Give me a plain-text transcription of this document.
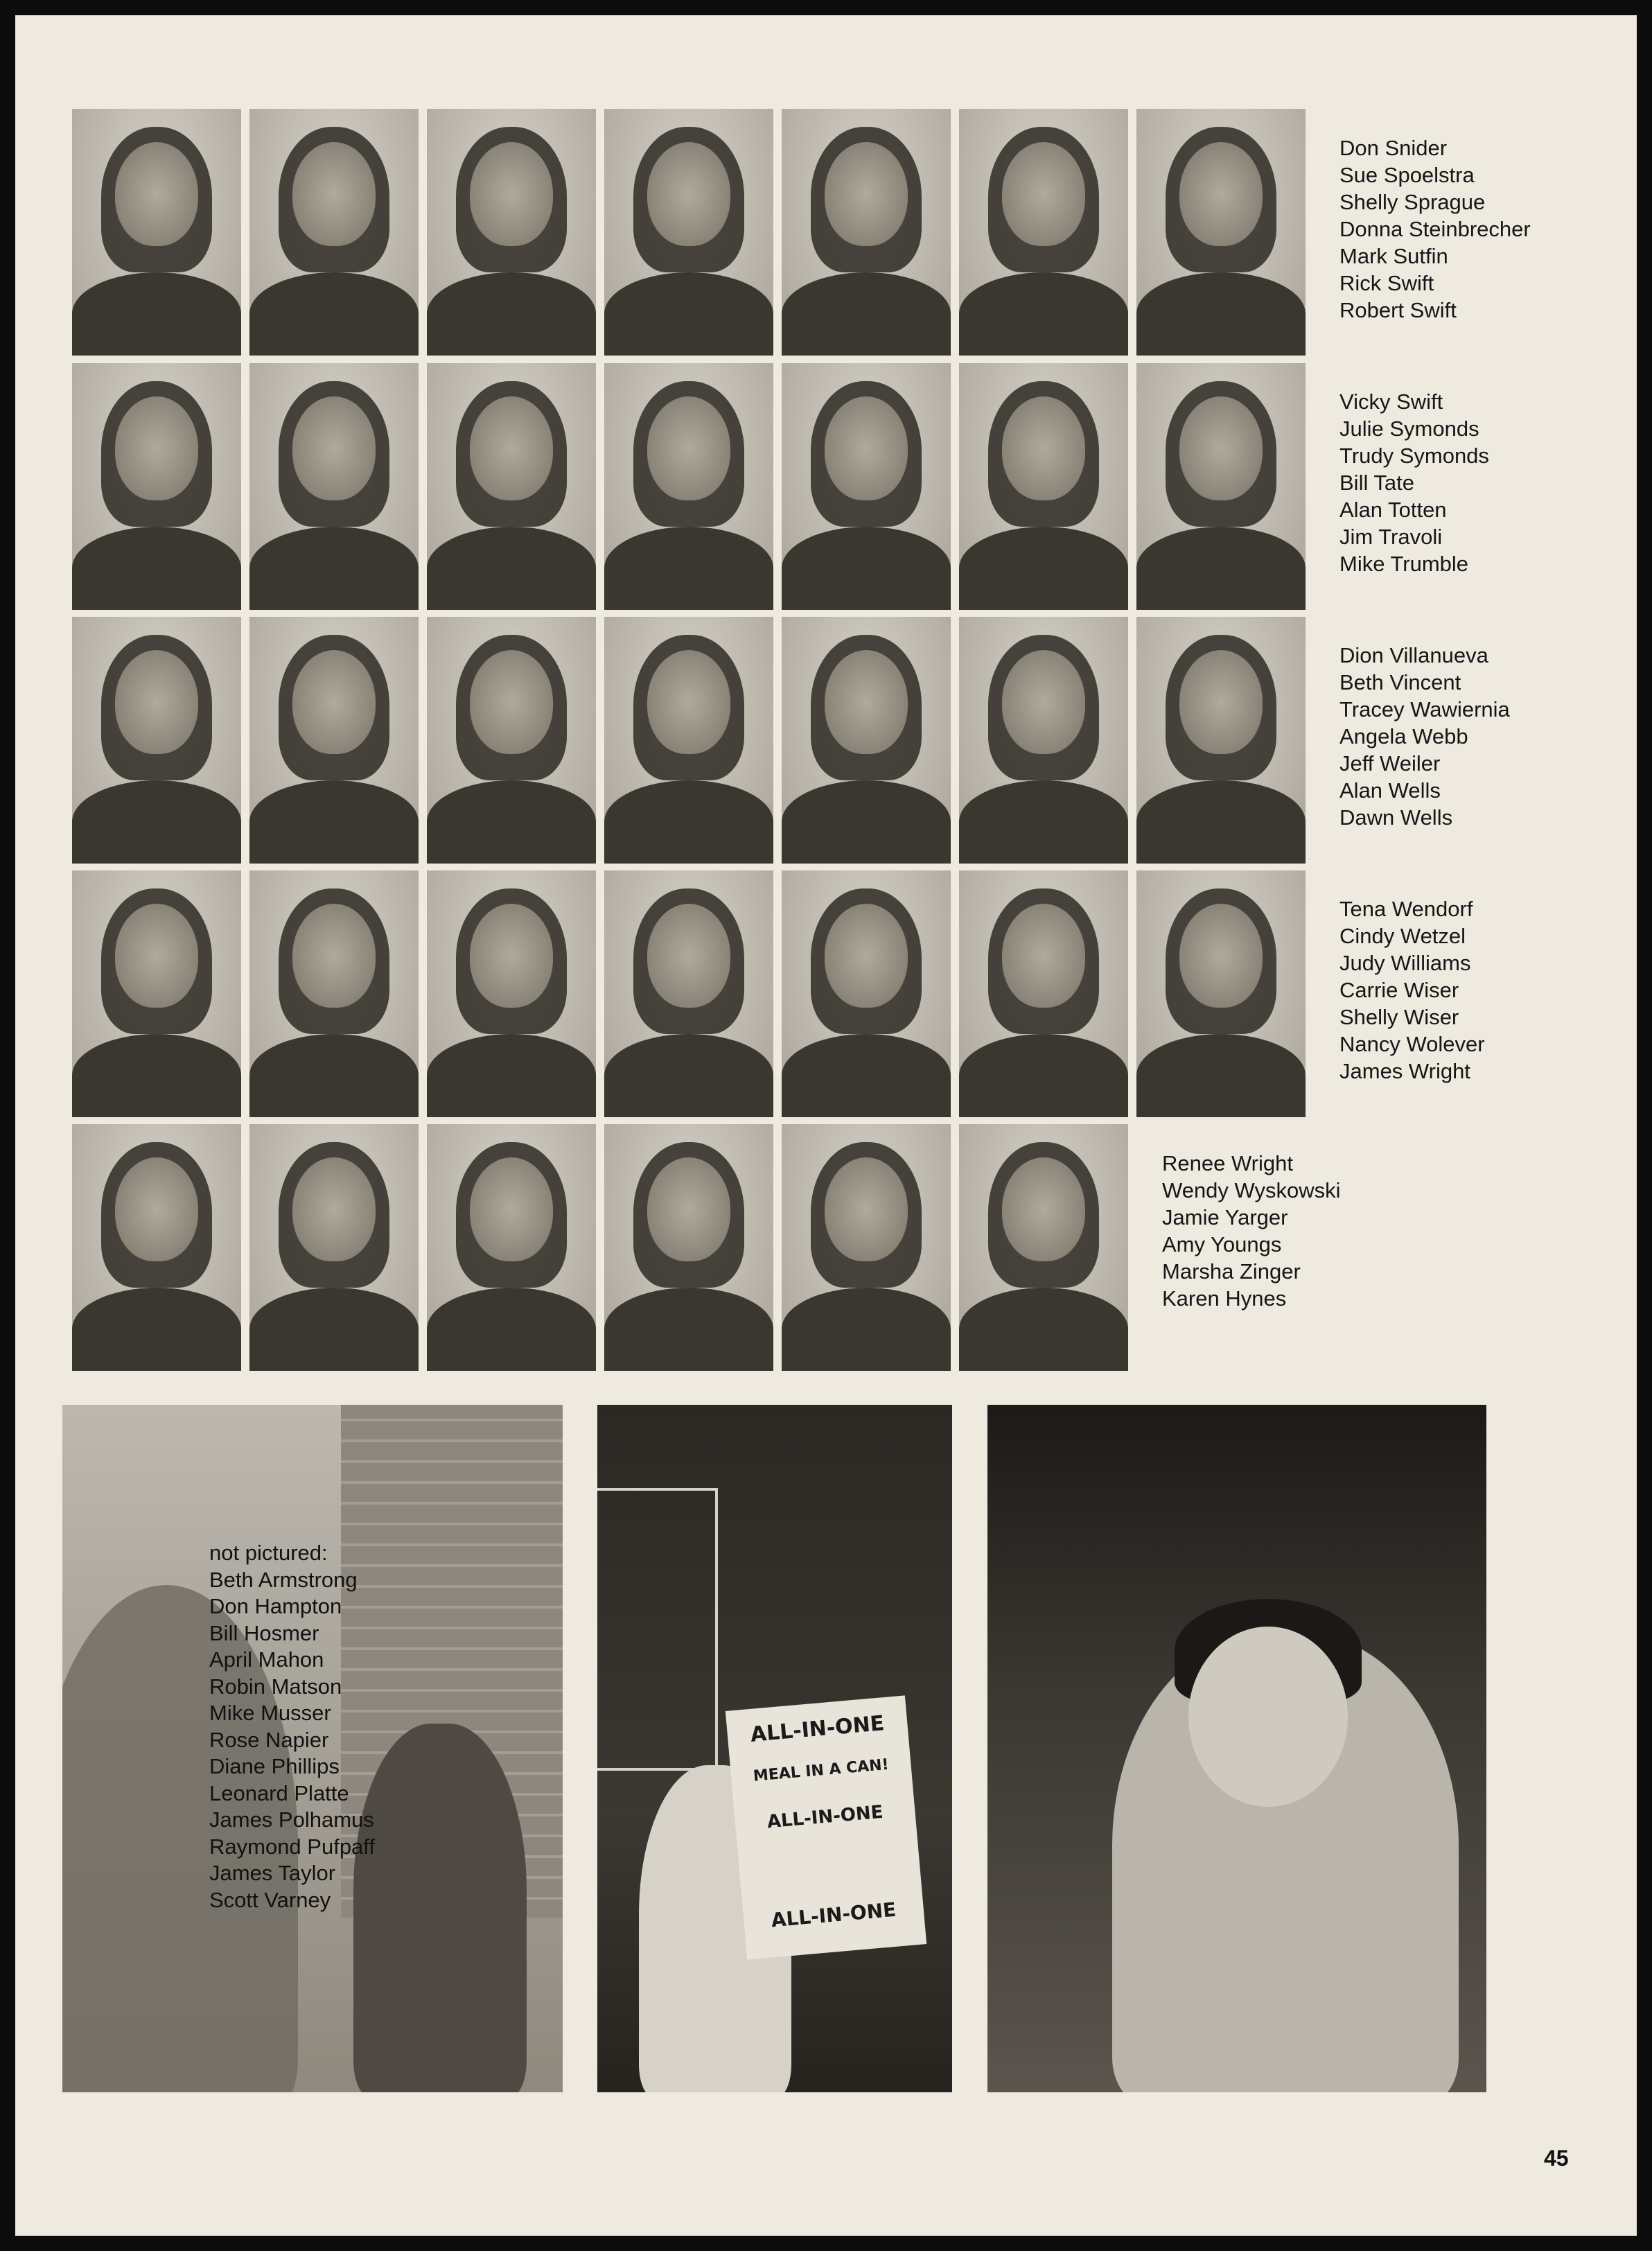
Don Snider
Sue Spoelstra
Shelly Sprague
Donna Steinbrecher
Mark Sutfin
Rick Swift
Robert Swift
Vicky Swift
Julie Symonds
Trudy Symonds
Bill Tate
Alan Totten
Jim Travoli
Mike Trumble
Dion Villanueva
Beth Vincent
Tracey Wawiernia
Angela Webb
Jeff Weiler
Alan Wells
Dawn Wells
Tena Wendorf
Cindy Wetzel
Judy Williams
Carrie Wiser
Shelly Wiser
Nancy Wolever
James Wright
Renee Wright
Wendy Wyskowski
Jamie Yarger
Amy Youngs
Marsha Zinger
Karen Hynes
not pictured:
Beth Armstrong
Don Hampton
Bill Hosmer
April Mahon
Robin Matson
Mike Musser
Rose Napier
Diane Phillips
Leonard Platte
James Polhamus
Raymond Pufpaff
James Taylor
Scott Varney
ALL-IN-ONE
MEAL IN A CAN!
ALL-IN-ONE
ALL-IN-ONE
45
